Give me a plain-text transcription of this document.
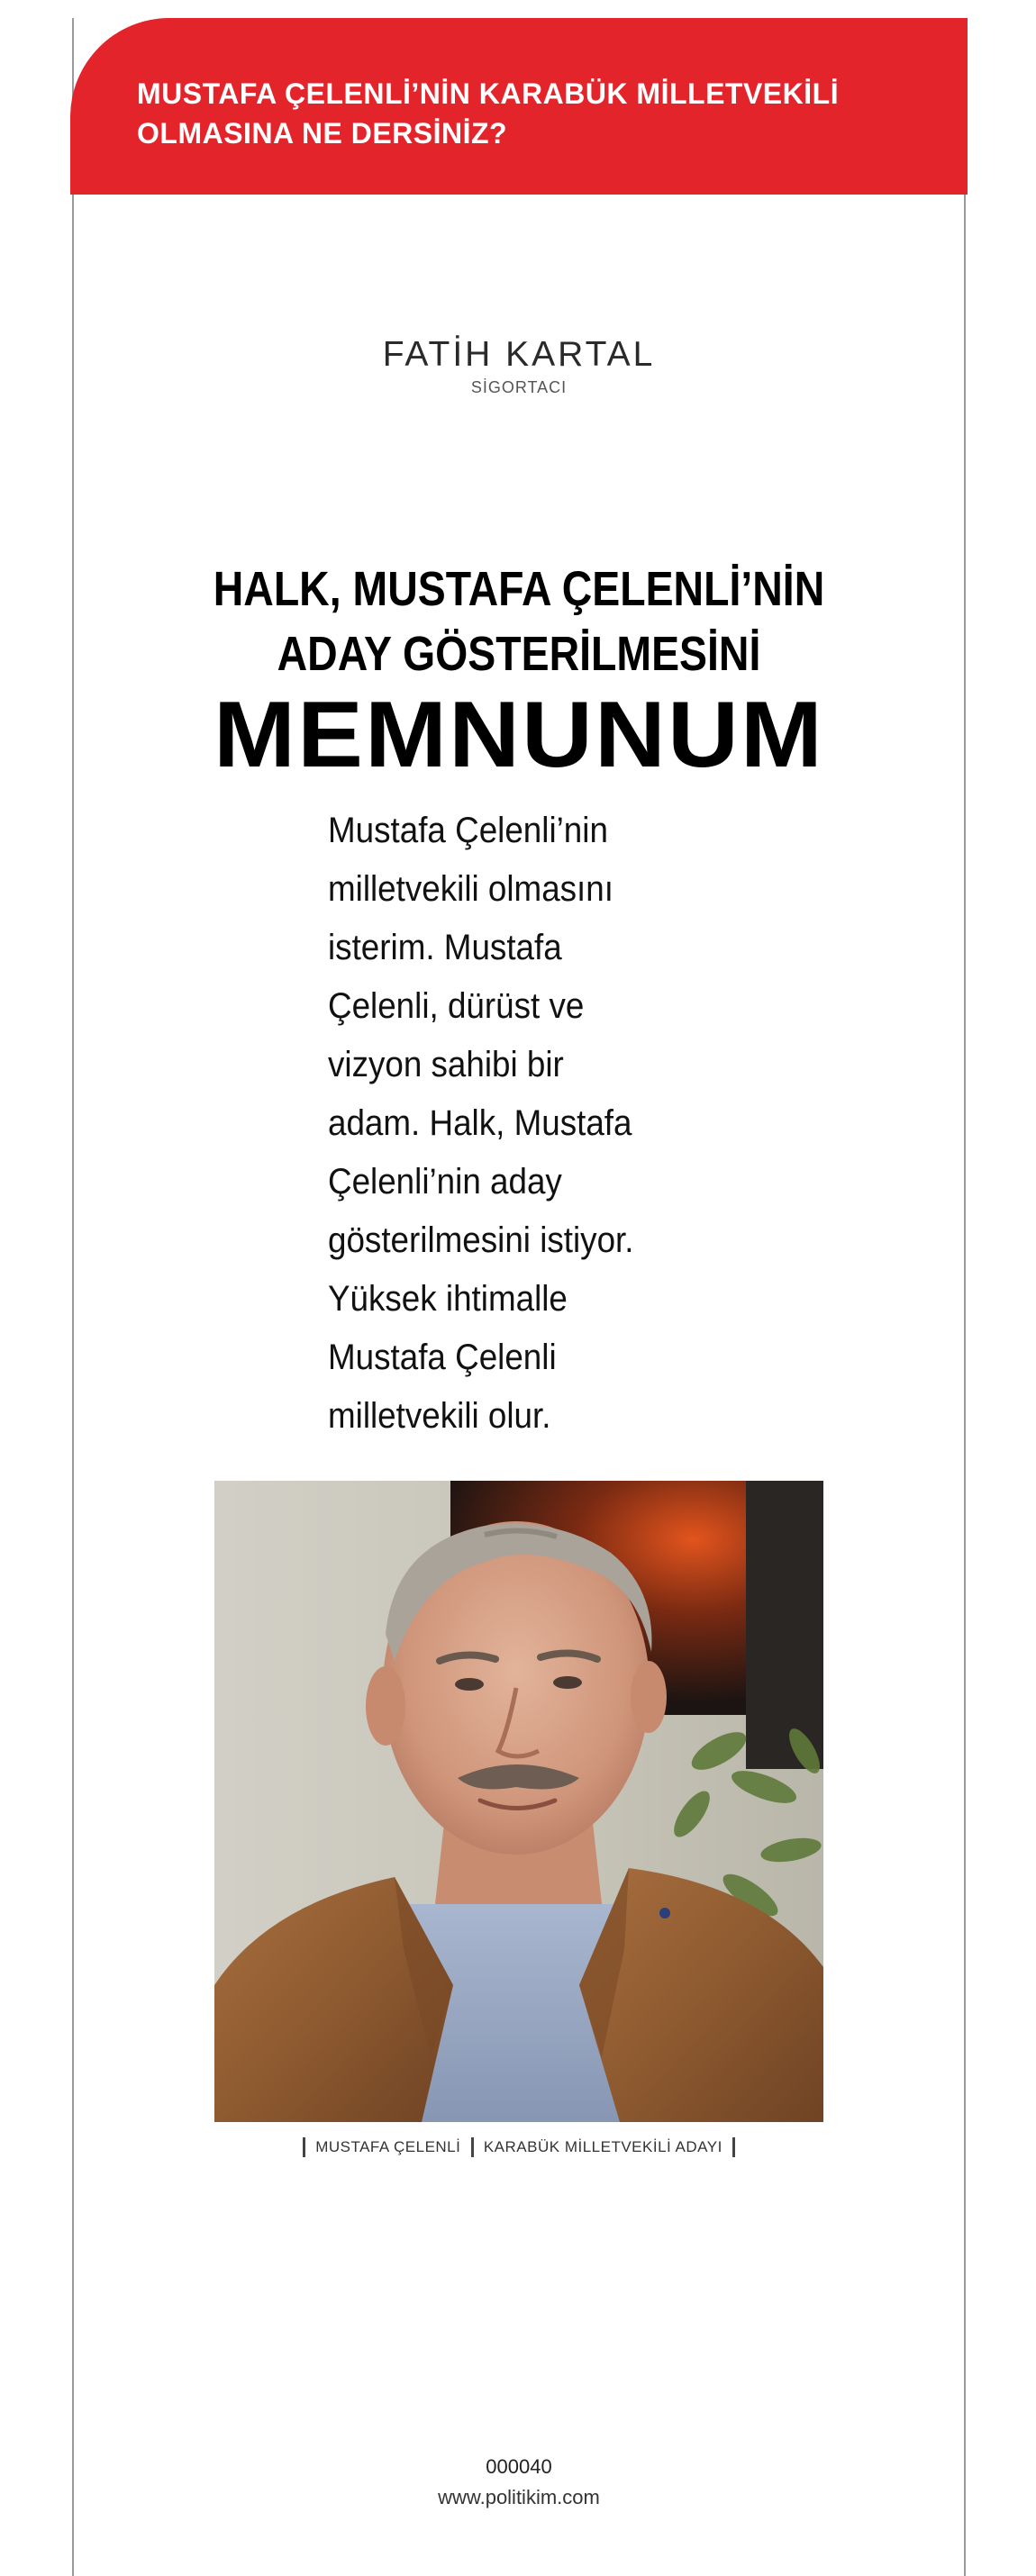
MUSTAFA ÇELENLİ’NİN KARABÜK MİLLETVEKİLİ
OLMASINA NE DERSİNİZ?
FATİH KARTAL
SİGORTACI
HALK, MUSTAFA ÇELENLİ’NİN
ADAY GÖSTERİLMESİNİ
MEMNUNUM

Mustafa Çelenli’nin
milletvekili olmasını
isterim. Mustafa
Çelenli, dürüst ve
vizyon sahibi bir
adam. Halk, Mustafa
Çelenli’nin aday
gösterilmesini istiyor.
Yüksek ihtimalle
Mustafa Çelenli
milletvekili olur.

MUSTAFA ÇELENLİ KARABÜK MİLLETVEKİLİ ADAYI
000040
www.politikim.com
